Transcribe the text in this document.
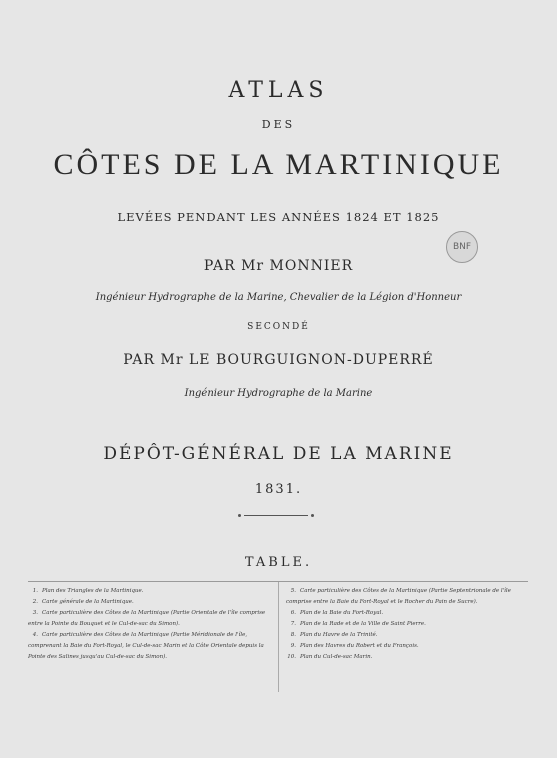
ATLAS
DES
CÔTES DE LA MARTINIQUE
LEVÉES PENDANT LES ANNÉES 1824 ET 1825
BNF
PAR Mr MONNIER
Ingénieur Hydrographe de la Marine, Chevalier de la Légion d'Honneur
SECONDÉ
PAR Mr LE BOURGUIGNON-DUPERRÉ
Ingénieur Hydrographe de la Marine
DÉPÔT-GÉNÉRAL DE LA MARINE
1831.
TABLE.
1. Plan des Triangles de la Martinique.
2. Carte générale de la Martinique.
3. Carte particulière des Côtes de la Martinique (Partie Orientale de l'île comprise entre la Pointe du Bouquet et le Cul-de-sac du Simon).
4. Carte particulière des Côtes de la Martinique (Partie Méridionale de l'île, comprenant la Baie du Fort-Royal, le Cul-de-sac Marin et la Côte Orientale depuis la Pointe des Salines jusqu'au Cul-de-sac du Simon).
5. Carte particulière des Côtes de la Martinique (Partie Septentrionale de l'île comprise entre la Baie du Fort-Royal et le Rocher du Pain de Sucre).
6. Plan de la Baie du Fort-Royal.
7. Plan de la Rade et de la Ville de Saint Pierre.
8. Plan du Havre de la Trinité.
9. Plan des Havres du Robert et du François.
10. Plan du Cul-de-sac Marin.
